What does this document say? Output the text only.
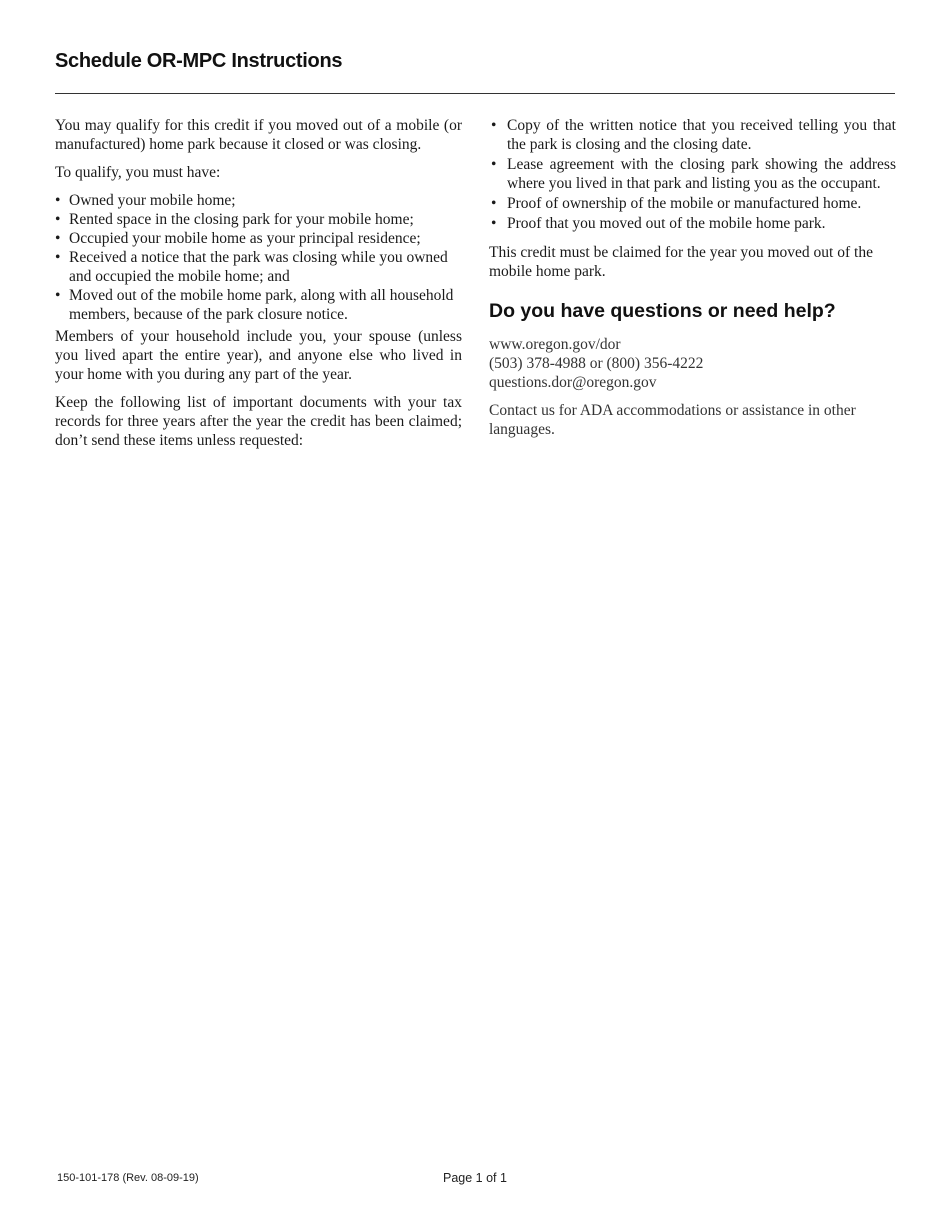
Schedule OR-MPC Instructions

You may qualify for this credit if you moved out of a mobile (or manufactured) home park because it closed or was closing.

To qualify, you must have:

• Owned your mobile home;
• Rented space in the closing park for your mobile home;
• Occupied your mobile home as your principal residence;
• Received a notice that the park was closing while you owned and occupied the mobile home; and
• Moved out of the mobile home park, along with all household members, because of the park closure notice.

Members of your household include you, your spouse (unless you lived apart the entire year), and anyone else who lived in your home with you during any part of the year.

Keep the following list of important documents with your tax records for three years after the year the credit has been claimed; don’t send these items unless requested:

• Copy of the written notice that you received telling you that the park is closing and the closing date.
• Lease agreement with the closing park showing the address where you lived in that park and listing you as the occupant.
• Proof of ownership of the mobile or manufactured home.
• Proof that you moved out of the mobile home park.

This credit must be claimed for the year you moved out of the mobile home park.

Do you have questions or need help?
www.oregon.gov/dor
(503) 378-4988 or (800) 356-4222
questions.dor@oregon.gov

Contact us for ADA accommodations or assistance in other languages.

150-101-178 (Rev. 08-09-19)	Page 1 of 1
